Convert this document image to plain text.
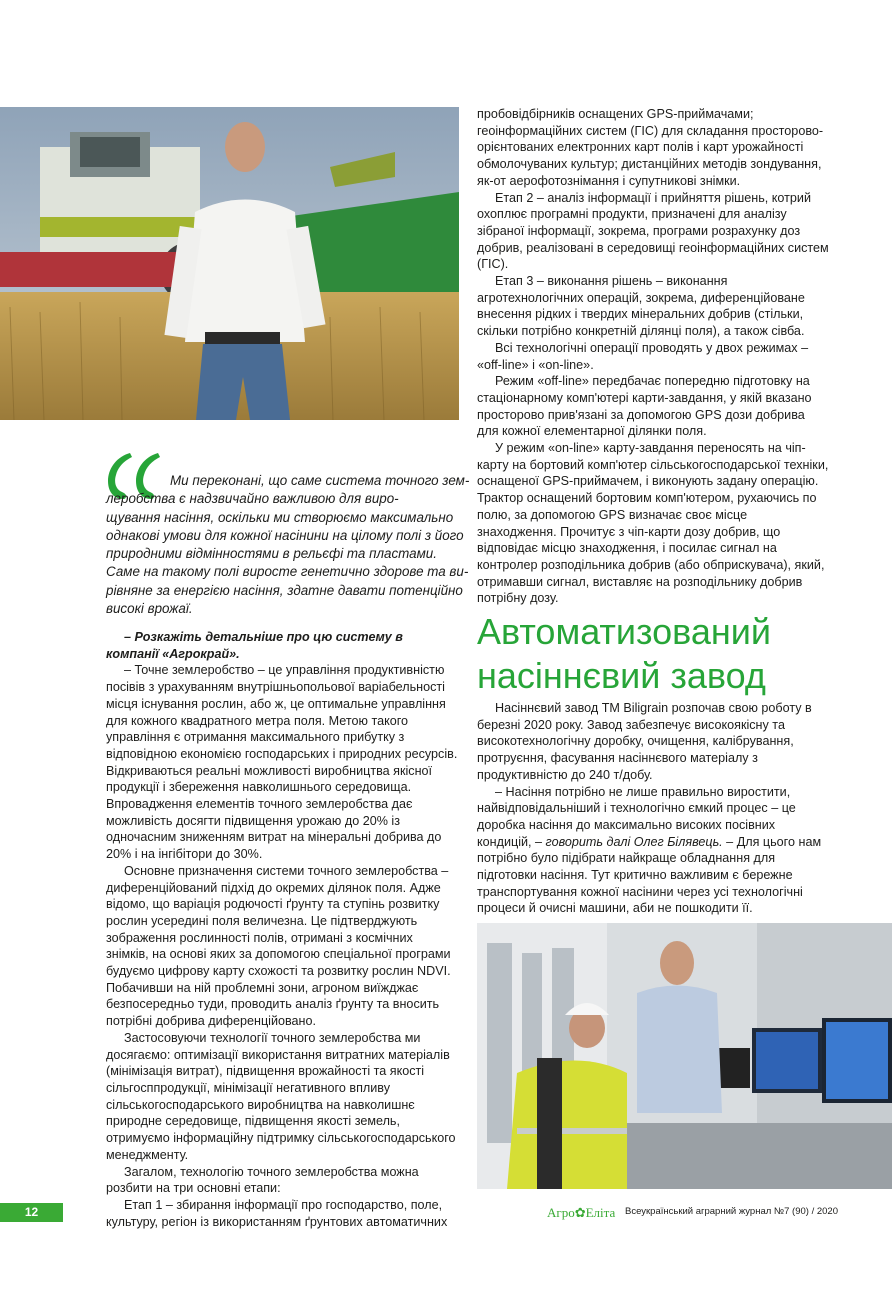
Ми переконані, що саме система точного зем-
леробства є надзвичайно важливою для виро-
щування насіння, оскільки ми створюємо максимально
однакові умови для кожної насінини на цілому полі з його
природними відмінностями в рельєфі та пластами.
Саме на такому полі виросте генетично здорове та ви-
рівняне за енергією насіння, здатне давати потенційно
високі врожаї.

– Розкажіть детальніше про цю систему в компанії «Агрокрай».

– Точне землеробство – це управління продуктивністю посівів з урахуванням внутрішньопольової варіабельності місця існування рослин, або ж, це оптимальне управління для кожного квадратного метра поля. Метою такого управління є отримання максимального прибутку з відповідною економією господарських і природних ресурсів. Відкриваються реальні можливості виробництва якісної продукції і збереження навколишнього середовища. Впровадження елементів точного землеробства дає можливість досягти підвищення урожаю до 20% із одночасним зниженням витрат на мінеральні добрива до 20% і на інгібітори до 30%.

Основне призначення системи точного землеробства – диференційований підхід до окремих ділянок поля. Адже відомо, що варіація родючості ґрунту та ступінь розвитку рослин усередині поля величезна. Це підтверджують зображення рослинності полів, отримані з космічних знімків, на основі яких за допомогою спеціальної програми будуємо цифрову карту схожості та розвитку рослин NDVI. Побачивши на ній проблемні зони, агроном виїжджає безпосередньо туди, проводить аналіз ґрунту та вносить потрібні добрива диференційовано.

Застосовуючи технології точного землеробства ми досягаємо: оптимізації використання витратних матеріалів (мінімізація витрат), підвищення врожайності та якості сільгосппродукції, мінімізації негативного впливу сільськогосподарського виробництва на навколишнє природне середовище, підвищення якості земель, отримуємо інформаційну підтримку сільськогосподарського менеджменту.

Загалом, технологію точного землеробства можна розбити на три основні етапи:

Етап 1 – збирання інформації про господарство, поле, культуру, регіон із використанням ґрунтових автоматичних

пробовідбірників оснащених GPS-приймачами; геоінформаційних систем (ГІС) для складання просторово-орієнтованих електронних карт полів і карт урожайності обмолочуваних культур; дистанційних методів зондування, як-от аерофотознімання і супутникові знімки.

Етап 2 – аналіз інформації і прийняття рішень, котрий охоплює програмні продукти, призначені для аналізу зібраної інформації, зокрема, програми розрахунку доз добрив, реалізовані в середовищі геоінформаційних систем (ГІС).

Етап 3 – виконання рішень – виконання агротехнологічних операцій, зокрема, диференційоване внесення рідких і твердих мінеральних добрив (стільки, скільки потрібно конкретній ділянці поля), а також сівба.

Всі технологічні операції проводять у двох режимах – «off-line» і «on-line».

Режим «off-line» передбачає попередню підготовку на стаціонарному комп'ютері карти-завдання, у якій вказано просторово прив'язані за допомогою GPS дози добрива для кожної елементарної ділянки поля.

У режим «on-line» карту-завдання переносять на чіп-карту на бортовий комп'ютер сільськогосподарської техніки, оснащеної GPS-приймачем, і виконують задану операцію. Трактор оснащений бортовим комп'ютером, рухаючись по полю, за допомогою GPS визначає своє місце знаходження. Прочитує з чіп-карти дозу добрив, що відповідає місцю знаходження, і посилає сигнал на контролер розподільника добрив (або обприскувача), який, отримавши сигнал, виставляє на розподільнику добрив потрібну дозу.

Автоматизований
насіннєвий завод

Насіннєвий завод ТМ Biligrain розпочав свою роботу в березні 2020 року. Завод забезпечує високоякісну та високотехнологічну доробку, очищення, калібрування, протруєння, фасування насіннєвого матеріалу з продуктивністю до 240 т/добу.

– Насіння потрібно не лише правильно виростити, найвідповідальніший і технологічно ємкий процес – це доробка насіння до максимально високих посівних кондицій, – говорить далі Олег Білявець. – Для цього нам потрібно було підібрати найкраще обладнання для підготовки насіння. Тут критично важливим є бережне транспортування кожної насінини через усі технологічні процеси й очисні машини, аби не пошкодити її.

12	Агро✿Еліта Всеукраїнський аграрний журнал №7 (90) / 2020
